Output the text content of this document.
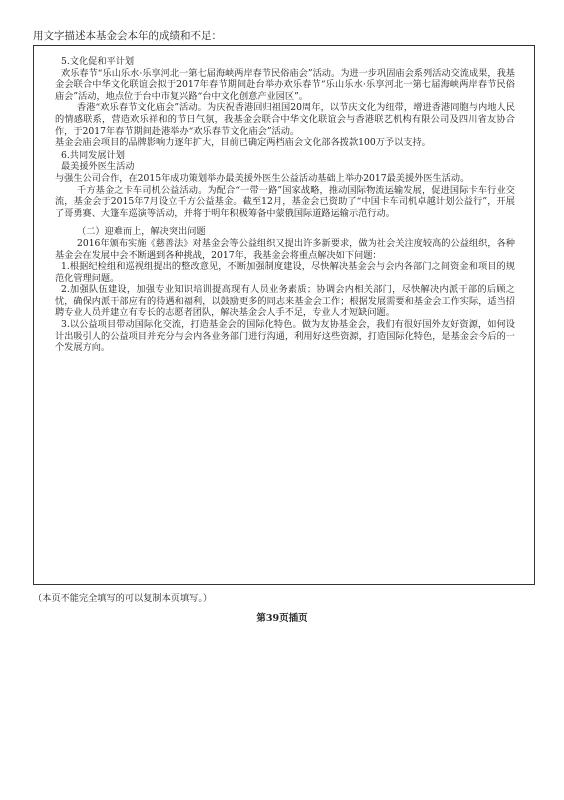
用文字描述本基金会本年的成绩和不足：

5.文化促和平计划

欢乐春节“乐山乐水·乐享河北一第七届海峡两岸春节民俗庙会”活动。为进一步巩固庙会系列活动交流成果，我基金会联合中华文化联谊会拟于2017年春节期间赴台举办欢乐春节“乐山乐水·乐享河北一第七届海峡两岸春节民俗庙会”活动，地点位于台中市复兴路“台中文化创意产业园区”。

香港“欢乐春节文化庙会”活动。为庆祝香港回归祖国20周年，以节庆文化为纽带，增进香港同胞与内地人民的情感联系，营造欢乐祥和的节日气氛，我基金会联合中华文化联谊会与香港联艺机构有限公司及四川省友协合作，于2017年春节期间赴港举办“欢乐春节文化庙会”活动。

基金会庙会项目的品牌影响力逐年扩大，目前已确定两档庙会文化部各拨款100万予以支持。

6.共同发展计划

最美援外医生活动

与强生公司合作，在2015年成功策划举办最美援外医生公益活动基础上举办2017最美援外医生活动。

千方基金之卡车司机公益活动。为配合“一带一路”国家战略，推动国际物流运输发展，促进国际卡车行业交流，基金会于2015年7月设立千方公益基金。截至12月，基金会已资助了“中国卡车司机卓越计划公益行”，开展了哥勇赛、大篷车巡演等活动，并将于明年积极筹备中蒙俄国际道路运输示范行动。

（二）迎难而上，解决突出问题

2016年颁布实施《慈善法》对基金会等公益组织又提出许多新要求，做为社会关注度较高的公益组织，各种基金会在发展中会不断遇到各种挑战，2017年，我基金会将重点解决如下问题：

1.根据纪检组和巡视组提出的整改意见，不断加强制度建设，尽快解决基金会与会内各部门之间资金和项目的规范化管理问题。

2.加强队伍建设，加强专业知识培训提高现有人员业务素质；协调会内相关部门，尽快解决内派干部的后顾之忧，确保内派干部应有的待遇和福利，以鼓励更多的同志来基金会工作；根据发展需要和基金会工作实际，适当招聘专业人员并建立有专长的志愿者团队，解决基金会人手不足，专业人才短缺问题。

3.以公益项目带动国际化交流，打造基金会的国际化特色。做为友协基金会，我们有很好国外友好资源，如何设计出吸引人的公益项目并充分与会内各业务部门进行沟通，利用好这些资源，打造国际化特色，是基金会今后的一个发展方向。

（本页不能完全填写的可以复制本页填写。）
第39页插页
